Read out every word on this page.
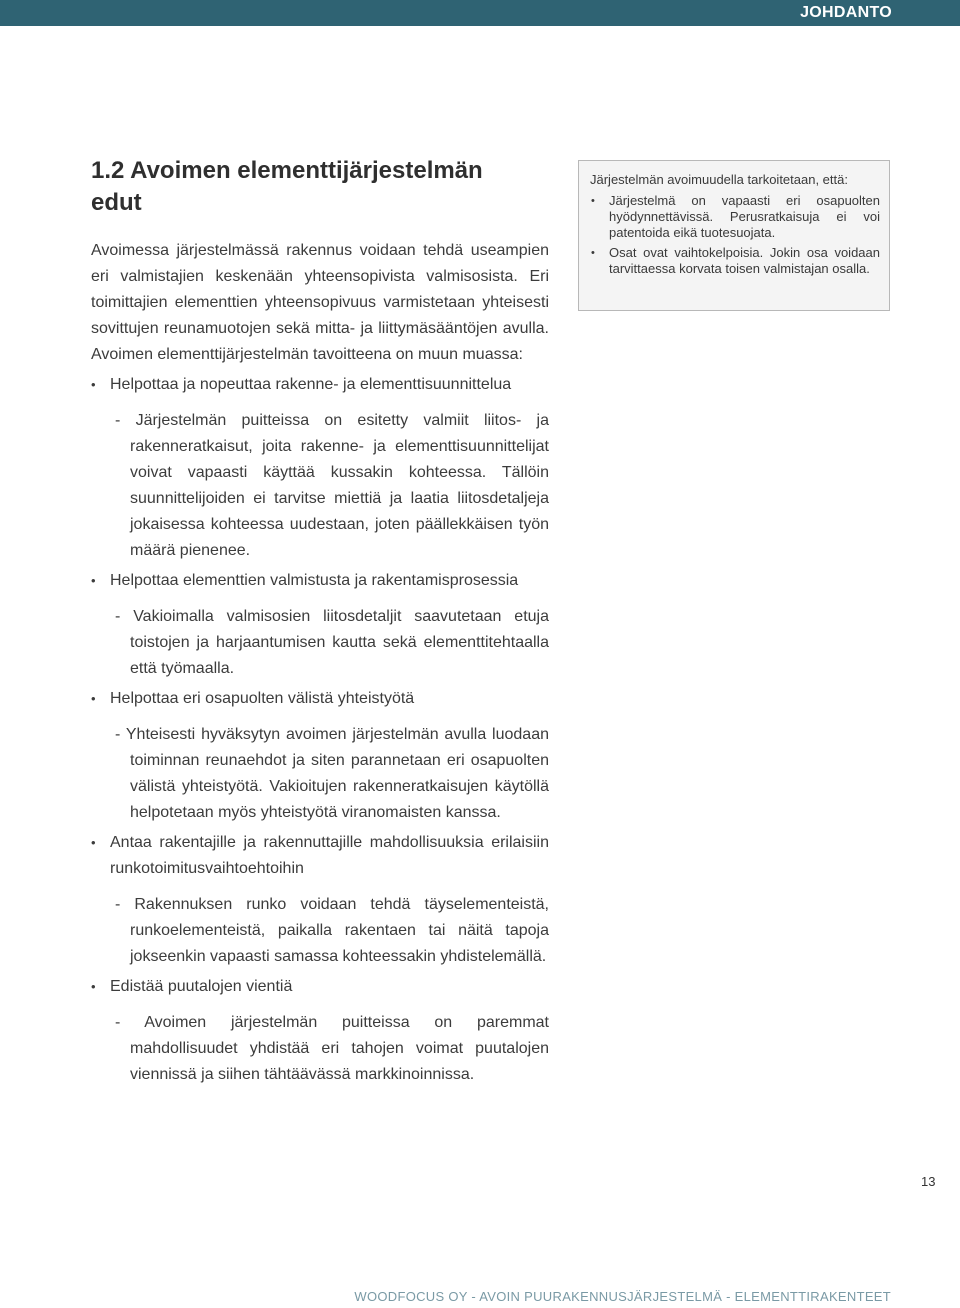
JOHDANTO
1.2 Avoimen elementtijärjestelmän edut

Avoimessa järjestelmässä rakennus voidaan tehdä useampien eri valmistajien keskenään yhteensopivista valmisosista. Eri toimittajien elementtien yhteensopivuus varmistetaan yhteisesti sovittujen reunamuotojen sekä mitta- ja liittymäsääntöjen avulla. Avoimen elementtijärjestelmän tavoitteena on muun muassa:

• Helpottaa ja nopeuttaa rakenne- ja elementtisuunnittelua
- Järjestelmän puitteissa on esitetty valmiit liitos- ja rakenneratkaisut, joita rakenne- ja elementtisuunnittelijat voivat vapaasti käyttää kussakin kohteessa. Tällöin suunnittelijoiden ei tarvitse miettiä ja laatia liitosdetaljeja jokaisessa kohteessa uudestaan, joten päällekkäisen työn määrä pienenee.
• Helpottaa elementtien valmistusta ja rakentamisprosessia
- Vakioimalla valmisosien liitosdetaljit saavutetaan etuja toistojen ja harjaantumisen kautta sekä elementtitehtaalla että työmaalla.
• Helpottaa eri osapuolten välistä yhteistyötä
- Yhteisesti hyväksytyn avoimen järjestelmän avulla luodaan toiminnan reunaehdot ja siten parannetaan eri osapuolten välistä yhteistyötä. Vakioitujen rakenneratkaisujen käytöllä helpotetaan myös yhteistyötä viranomaisten kanssa.
• Antaa rakentajille ja rakennuttajille mahdollisuuksia erilaisiin runkotoimitusvaihtoehtoihin
- Rakennuksen runko voidaan tehdä täyselementeistä, runkoelementeistä, paikalla rakentaen tai näitä tapoja jokseenkin vapaasti samassa kohteessakin yhdistelemällä.
• Edistää puutalojen vientiä
- Avoimen järjestelmän puitteissa on paremmat mahdollisuudet yhdistää eri tahojen voimat puutalojen viennissä ja siihen tähtäävässä markkinoinnissa.

Järjestelmän avoimuudella tarkoitetaan, että:

• Järjestelmä on vapaasti eri osapuolten hyödynnettävissä. Perusratkaisuja ei voi patentoida eikä tuotesuojata.
• Osat ovat vaihtokelpoisia. Jokin osa voidaan tarvittaessa korvata toisen valmistajan osalla.
13
WOODFOCUS OY - AVOIN PUURAKENNUSJÄRJESTELMÄ - ELEMENTTIRAKENTEET
